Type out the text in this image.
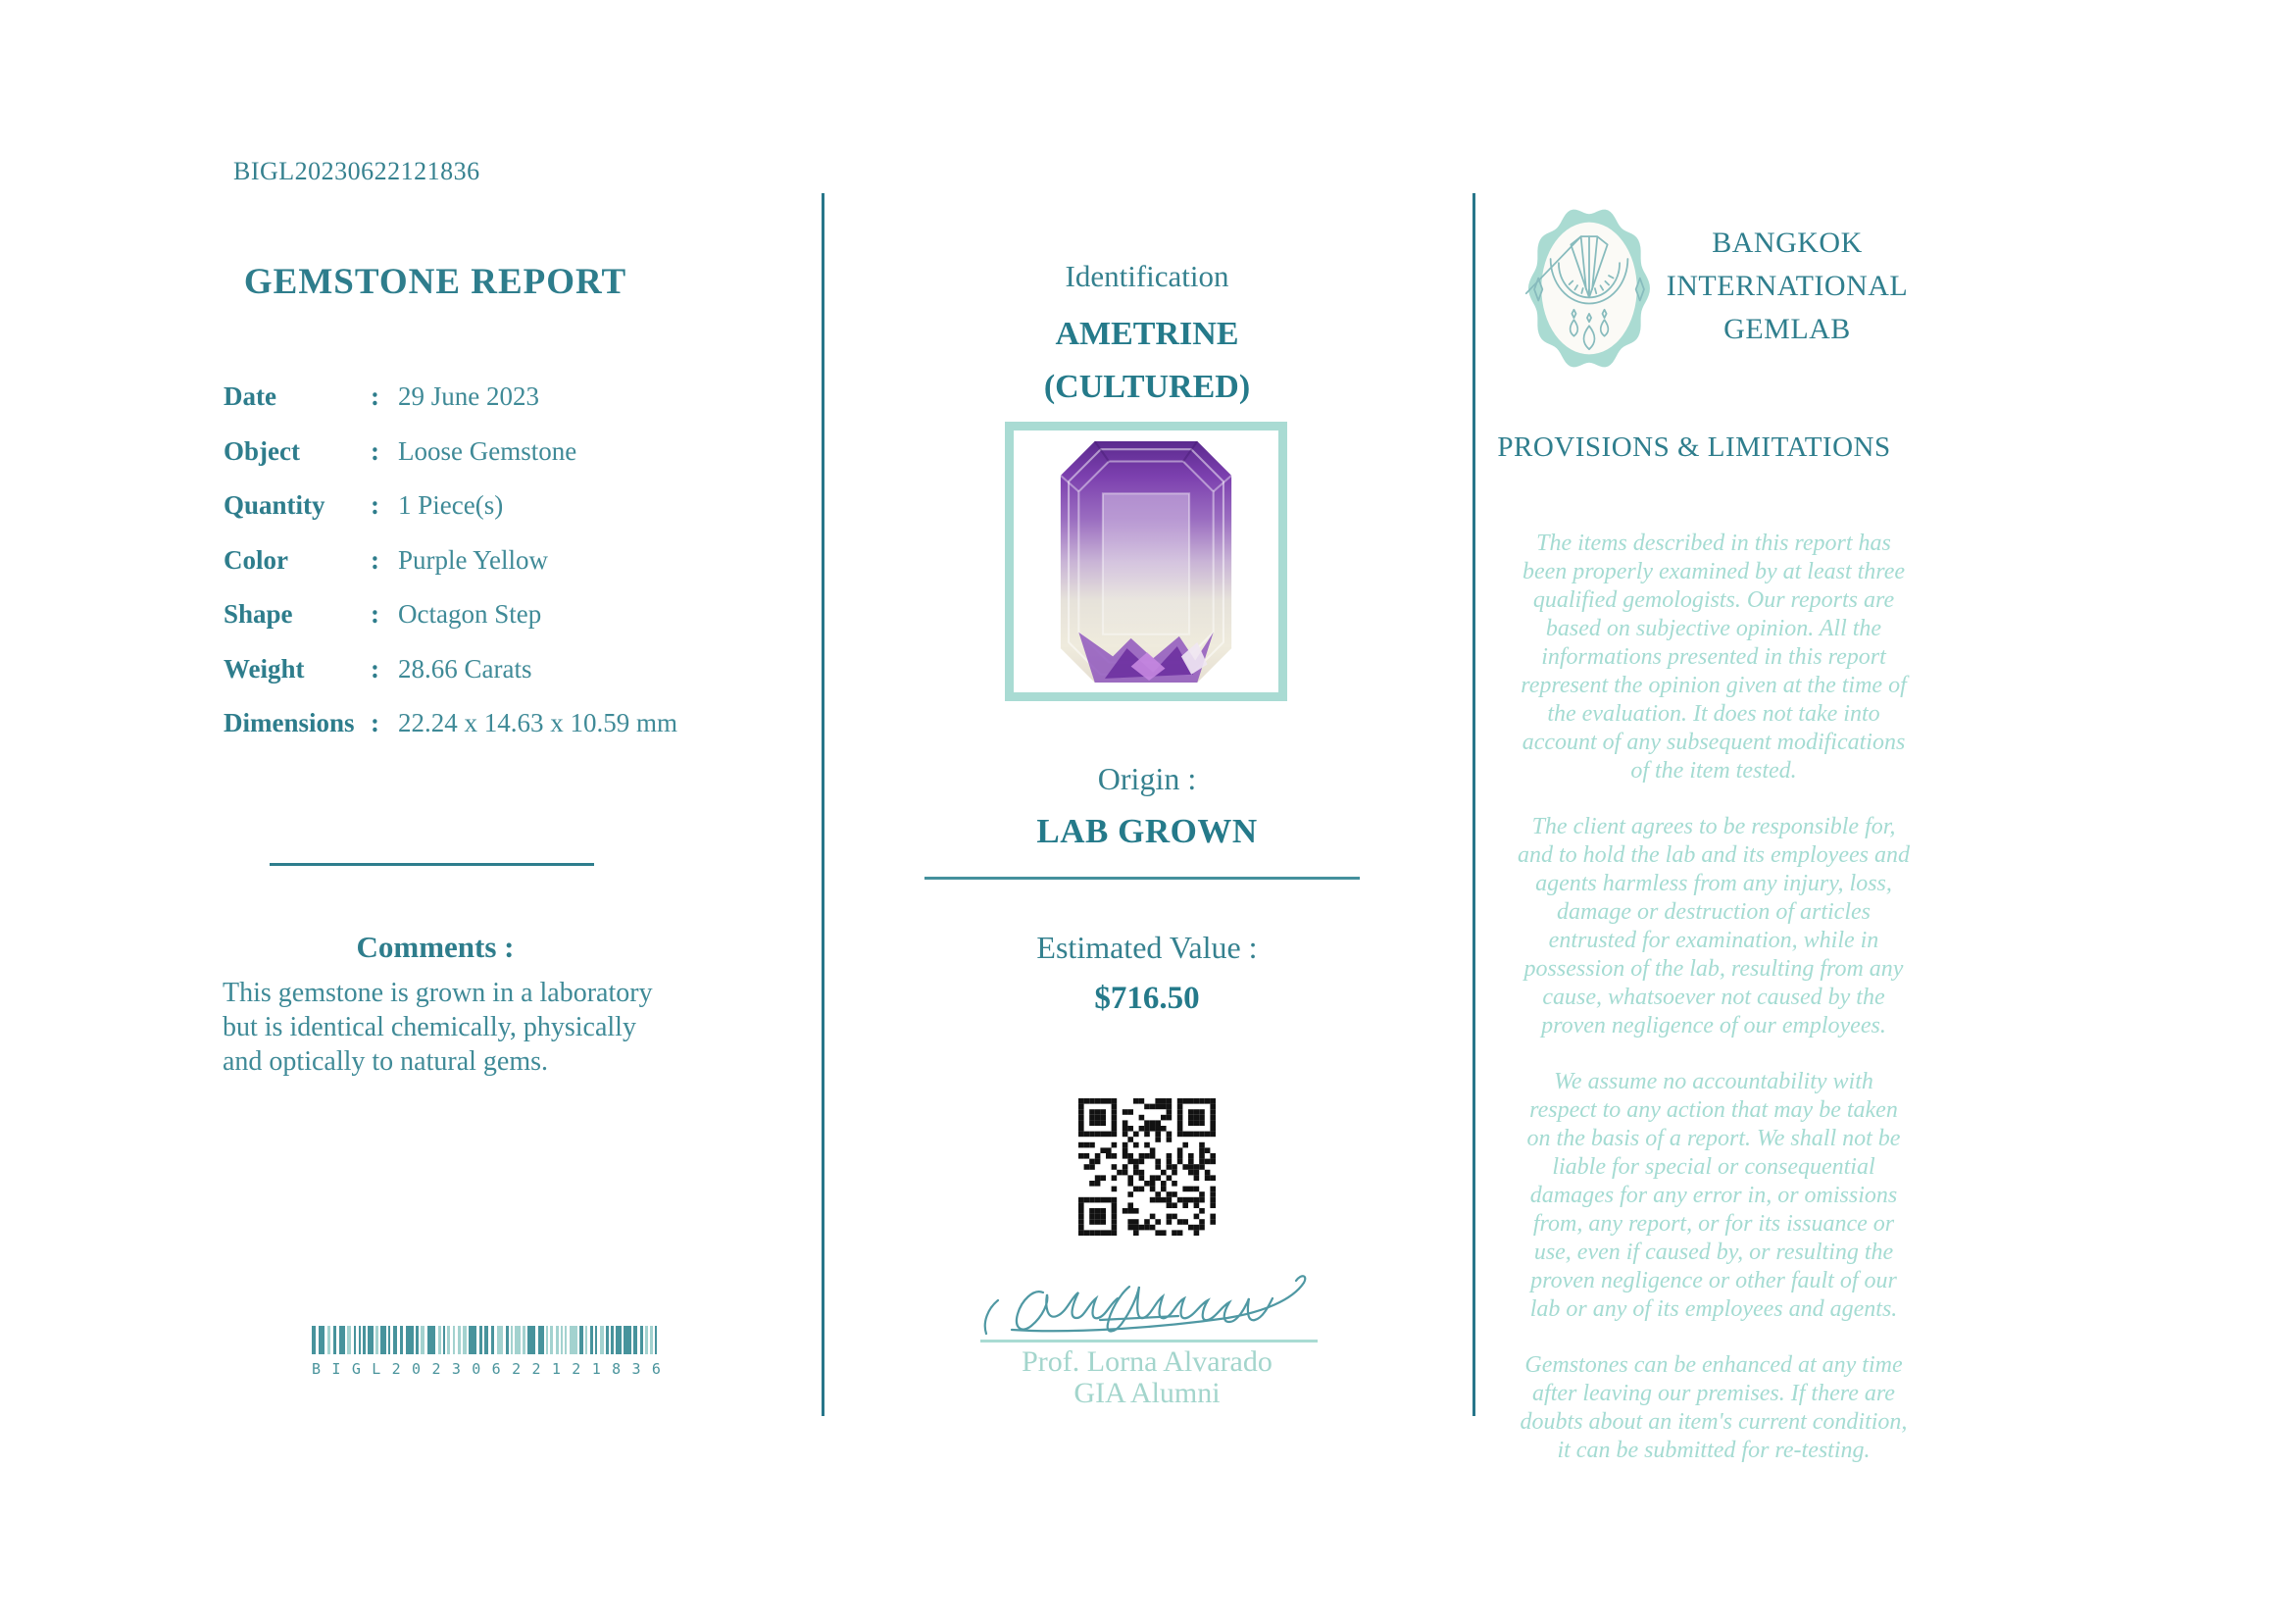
BIGL20230622121836
GEMSTONE REPORT
Date	: 29 June 2023
Object	: Loose Gemstone
Quantity	: 1 Piece(s)
Color	: Purple Yellow
Shape	: Octagon Step
Weight	: 28.66 Carats
Dimensions : 22.24 x 14.63 x 10.59 mm
Comments :
This gemstone is grown in a laboratory but is identical chemically, physically and optically to natural gems.
B I G L 2 0 2 3 0 6 2 2 1 2 1 8 3 6
Identification
AMETRINE
(CULTURED)
Origin :
LAB GROWN
Estimated Value :
$716.50
Prof. Lorna Alvarado
GIA Alumni
BANGKOK
INTERNATIONAL
GEMLAB
PROVISIONS & LIMITATIONS

The items described in this report has been properly examined by at least three qualified gemologists. Our reports are based on subjective opinion. All the informations presented in this report represent the opinion given at the time of the evaluation. It does not take into account of any subsequent modifications of the item tested.

The client agrees to be responsible for, and to hold the lab and its employees and agents harmless from any injury, loss, damage or destruction of articles entrusted for examination, while in possession of the lab, resulting from any cause, whatsoever not caused by the proven negligence of our employees.

We assume no accountability with respect to any action that may be taken on the basis of a report. We shall not be liable for special or consequential damages for any error in, or omissions from, any report, or for its issuance or use, even if caused by, or resulting the proven negligence or other fault of our lab or any of its employees and agents.

Gemstones can be enhanced at any time after leaving our premises. If there are doubts about an item's current condition, it can be submitted for re-testing.
